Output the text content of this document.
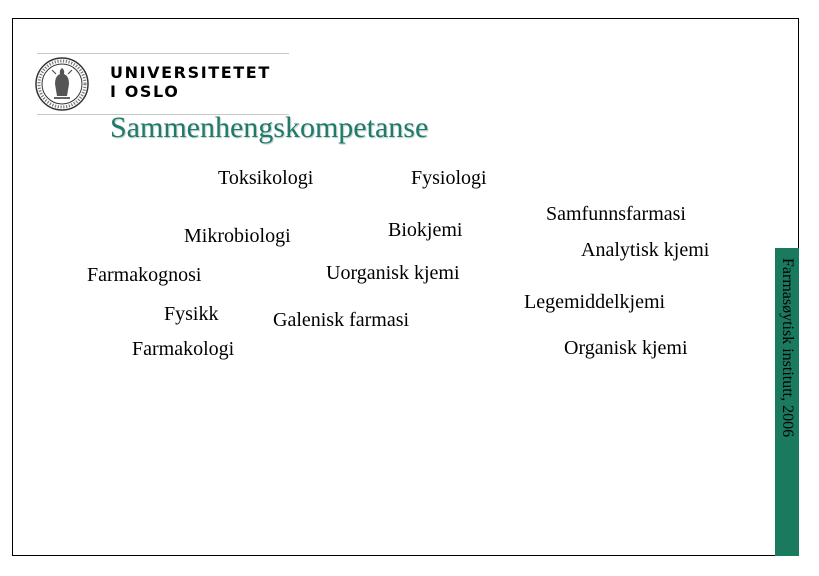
UNIVERSITETET
I OSLO
Sammenhengskompetanse
Toksikologi	Fysiologi
Mikrobiologi	Biokjemi
Samfunnsfarmasi
Analytisk kjemi
Farmakognosi	Uorganisk kjemi
Fysikk	Galenisk farmasi
Legemiddelkjemi
Farmakologi	Organisk kjemi	Farmasøytisk institutt, 2006
